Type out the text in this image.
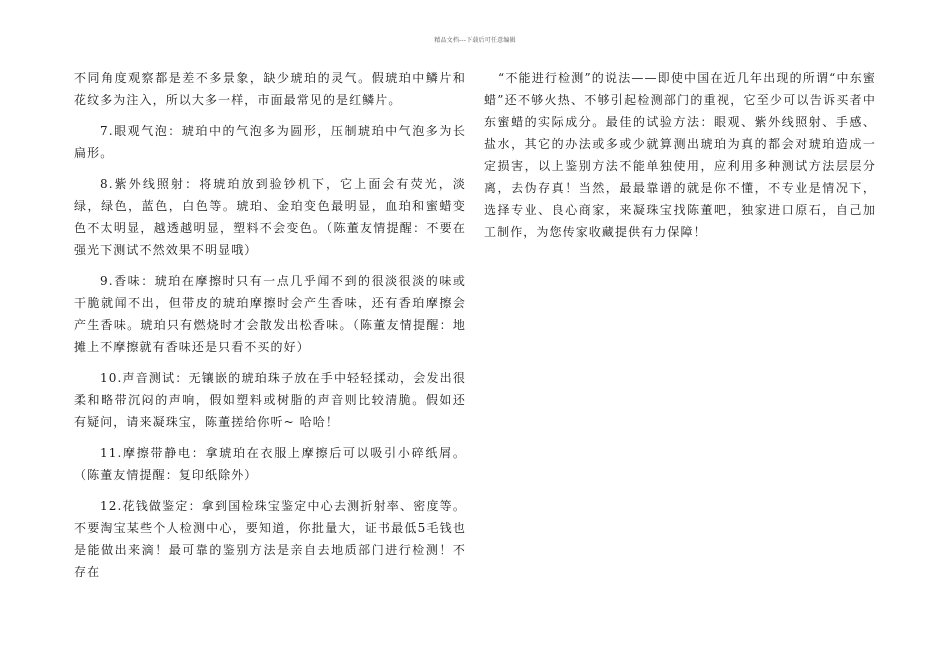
精品文档---下载后可任意编辑

不同角度观察都是差不多景象，缺少琥珀的灵气。假琥珀中鳞片和花纹多为注入，所以大多一样，市面最常见的是红鳞片。

7.眼观气泡：琥珀中的气泡多为圆形，压制琥珀中气泡多为长扁形。

8.紫外线照射：将琥珀放到验钞机下，它上面会有荧光，淡绿，绿色，蓝色，白色等。琥珀、金珀变色最明显，血珀和蜜蜡变色不太明显，越透越明显，塑料不会变色。（陈董友情提醒：不要在强光下测试不然效果不明显哦）

9.香味：琥珀在摩擦时只有一点几乎闻不到的很淡很淡的味或干脆就闻不出，但带皮的琥珀摩擦时会产生香味，还有香珀摩擦会产生香味。琥珀只有燃烧时才会散发出松香味。（陈董友情提醒：地摊上不摩擦就有香味还是只看不买的好）

10.声音测试：无镶嵌的琥珀珠子放在手中轻轻揉动，会发出很柔和略带沉闷的声响，假如塑料或树脂的声音则比较清脆。假如还有疑问，请来凝珠宝，陈董搓给你听~ 哈哈！

11.摩擦带静电：拿琥珀在衣服上摩擦后可以吸引小碎纸屑。（陈董友情提醒：复印纸除外）

12.花钱做鉴定：拿到国检珠宝鉴定中心去测折射率、密度等。不要淘宝某些个人检测中心，要知道，你批量大，证书最低5毛钱也是能做出来滴！最可靠的鉴别方法是亲自去地质部门进行检测！不存在

“不能进行检测”的说法——即使中国在近几年出现的所谓“中东蜜蜡”还不够火热、不够引起检测部门的重视，它至少可以告诉买者中东蜜蜡的实际成分。最佳的试验方法：眼观、紫外线照射、手感、盐水，其它的办法或多或少就算测出琥珀为真的都会对琥珀造成一定损害，以上鉴别方法不能单独使用，应利用多种测试方法层层分离，去伪存真！当然，最最靠谱的就是你不懂，不专业是情况下，选择专业、良心商家，来凝珠宝找陈董吧，独家进口原石，自己加工制作，为您传家收藏提供有力保障！
